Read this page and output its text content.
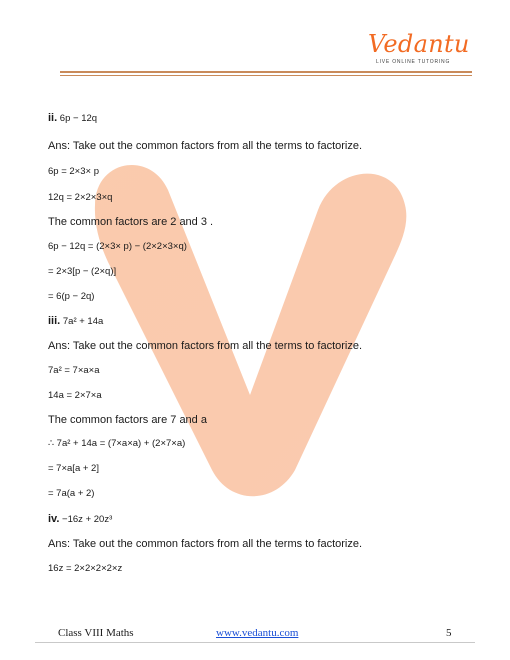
Vedantu
LIVE ONLINE TUTORING
ii. 6p − 12q
Ans: Take out the common factors from all the terms to factorize.
6p = 2×3× p
12q = 2×2×3×q
The common factors are 2 and 3 .
6p − 12q = (2×3× p) − (2×2×3×q)
= 2×3[p − (2×q)]
= 6(p − 2q)
iii. 7a² + 14a
Ans: Take out the common factors from all the terms to factorize.
7a² = 7×a×a
14a = 2×7×a
The common factors are 7 and a
∴ 7a² + 14a = (7×a×a) + (2×7×a)
= 7×a[a + 2]
= 7a(a + 2)
iv. −16z + 20z³
Ans: Take out the common factors from all the terms to factorize.
16z = 2×2×2×2×z
Class VIII Maths	www.vedantu.com	5
